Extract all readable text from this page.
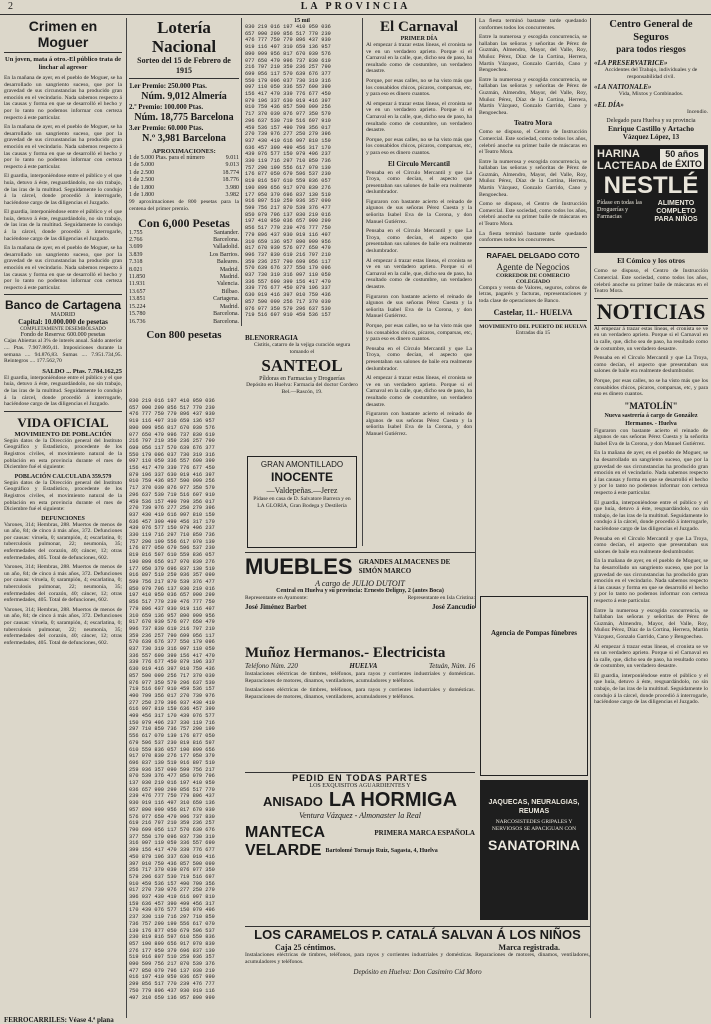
2	LA PROVINCIA
Crimen en Moguer
Un joven, mata á otro.-El público trata de linchar al agresor

En la mañana de ayer, en el pueblo de Moguer, se ha desarrollado un sangriento suceso, que por la gravedad de sus circunstancias ha producido gran emoción en el vecindario. Nada sabemos respecto á las causas y forma en que se desarrolló el hecho y por lo tanto no podemos informar con certeza respecto á este particular.

En la mañana de ayer, en el pueblo de Moguer, se ha desarrollado un sangriento suceso, que por la gravedad de sus circunstancias ha producido gran emoción en el vecindario. Nada sabemos respecto á las causas y forma en que se desarrolló el hecho y por lo tanto no podemos informar con certeza respecto á este particular.

El guardia, interponiéndose entre el público y el que huía, detuvo á éste, resguardándolo, no sin trabajo, de las iras de la multitud. Seguidamente lo condujo á la cárcel, donde procedió á interrogarle, haciéndose cargo de las diligencias el Juzgado.

El guardia, interponiéndose entre el público y el que huía, detuvo á éste, resguardándolo, no sin trabajo, de las iras de la multitud. Seguidamente lo condujo á la cárcel, donde procedió á interrogarle, haciéndose cargo de las diligencias el Juzgado.

En la mañana de ayer, en el pueblo de Moguer, se ha desarrollado un sangriento suceso, que por la gravedad de sus circunstancias ha producido gran emoción en el vecindario. Nada sabemos respecto á las causas y forma en que se desarrolló el hecho y por lo tanto no podemos informar con certeza respecto á este particular.

Banco de Cartagena
MADRID
Capital: 10.000.000 de pesetas
COMPLETAMENTE DESEMBOLSADO
Fondo de Reserva: 600.000 pesetas

Cajas Abiertas al 3% de interés anual. Saldo anterior .... Ptas. 7.907.869,41. Imposiciones durante la semana .... 94.876,83. Sumas .... 7.951.734,95. Reintegros .... 177.562,70

SALDO ... Ptas. 7.784.162,25

El guardia, interponiéndose entre el público y el que huía, detuvo á éste, resguardándolo, no sin trabajo, de las iras de la multitud. Seguidamente lo condujo á la cárcel, donde procedió á interrogarle, haciéndose cargo de las diligencias el Juzgado.

VIDA OFICIAL
MOVIMIENTO DE POBLACIÓN

Según datos de la Dirección general del Instituto Geográfico y Estadístico, procedente de los Registros civiles, el movimiento natural de la población en esta provincia durante el mes de Diciembre fué el siguiente:

POBLACIÓN CALCULADA 359.579

Según datos de la Dirección general del Instituto Geográfico y Estadístico, procedente de los Registros civiles, el movimiento natural de la población en esta provincia durante el mes de Diciembre fué el siguiente:

DEFUNCIONES

Varones, 314; Hembras, 288. Muertos de menos de un año, 84; de cinco á más años, 372. Defunciones por causas: viruela, 0; sarampión, 4; escarlatina, 0; tuberculosis pulmonar, 22; neumonía, 35; enfermedades del corazón, 40; cáncer, 12; otras enfermedades, 405. Total de defunciones, 602.

Varones, 314; Hembras, 288. Muertos de menos de un año, 84; de cinco á más años, 372. Defunciones por causas: viruela, 0; sarampión, 4; escarlatina, 0; tuberculosis pulmonar, 22; neumonía, 35; enfermedades del corazón, 40; cáncer, 12; otras enfermedades, 405. Total de defunciones, 602.

Varones, 314; Hembras, 288. Muertos de menos de un año, 84; de cinco á más años, 372. Defunciones por causas: viruela, 0; sarampión, 4; escarlatina, 0; tuberculosis pulmonar, 22; neumonía, 35; enfermedades del corazón, 40; cáncer, 12; otras enfermedades, 405. Total de defunciones, 602.

FERROCARRILES: Véase 4.ª plana
Lotería Nacional
Sorteo del 15 de Febrero de 1915
1.er Premio: 250.000 Ptas.
Núm. 9,012 Almería
2.º Premio: 100.000 Ptas.
Núm. 18,775 Barcelona
3.er Premio: 60.000 Ptas.
N.º 3,981 Barcelona
APROXIMACIONES:
1 de 5.000 Ptas. para el número	9.011
1 de 5.000	9.013
1 de 2.500	18.774
1 de 2.500	18.776
1 de 1.800	3.980
1 de 1.800	3.982

99 aproximaciones de 800 pesetas para la centena del primer premio.

Con 6,000 Pesetas
1.755	Santander.
2.766	Barcelona.
3.699	Valladolid.
3.839	Los Barrios.
7.318	Baleares.
8.021	Madrid.
11.850	Madrid.
11.931	Valencia.
13.657	Bilbao.
13.851	Cartagena.
15.224	Madrid.
15.780	Barcelona.
16.736	Barcelona.
Con 800 pesetas
030 219 016 197 410 959 036
657 990 299 856 517 770 239
476 777 750 779 896 437 930
919 116 497 310 659 136 957
890 999 956 817 670 939 576
077 650 479 996 737 830 619
216 797 210 359 236 257 790
699 056 117 570 639 676 377
550 179 096 037 730 319 316
097 110 059 336 557 690 399
156 417 470 339 776 677 450
879 196 337 630 019 416 397
010 759 436 857 590 099 256
717 370 039 876 977 350 579
296 637 530 719 516 697 910
459 536 157 490 799 356 017
270 739 976 277 250 279 396
937 430 419 616 997 810 159
636 457 390 499 456 317 170
439 076 577 150 979 496 237
330 119 716 297 710 859 736
757 290 199 556 617 070 139
176 877 050 679 596 537 230
819 816 597 610 559 836 057
190 899 656 917 970 839 276
177 950 379 696 837 130 519
916 897 510 259 936 357 090
599 756 217 870 539 376 477
850 079 796 137 030 219 016
197 410 959 036 657 990 299
856 517 770 239 476 777 750
779 896 437 930 919 116 497
310 659 136 957 890 999 956
817 670 939 576 077 650 479
996 737 830 619 216 797 210
359 236 257 790 699 056 117
570 639 676 377 550 179 096
037 730 319 316 097 110 059
336 557 690 399 156 417 470
339 776 677 450 879 196 337
630 019 416 397 010 759 436
857 590 099 256 717 370 039
876 977 350 579 296 637 530
719 516 697 910 459 536 157
490 799 356 017 270 739 976
277 250 279 396 937 430 419
616 997 810 159 636 457 390
499 456 317 170 439 076 577
150 979 496 237 330 119 716
297 710 859 736 757 290 199
556 617 070 139 176 877 050
679 596 537 230 819 816 597
610 559 836 057 190 899 656
917 970 839 276 177 950 379
696 837 130 519 916 897 510
259 936 357 090 599 756 217
870 539 376 477 850 079 796
137 030 219 016 197 410 959
036 657 990 299 856 517 770
239 476 777 750 779 896 437
930 919 116 497 310 659 136
957 890 999 956 817 670 939
576 077 650 479 996 737 830
619 216 797 210 359 236 257
790 699 056 117 570 639 676
377 550 179 096 037 730 319
316 097 110 059 336 557 690
399 156 417 470 339 776 677
450 879 196 337 630 019 416
397 010 759 436 857 590 099
256 717 370 039 876 977 350
579 296 637 530 719 516 697
910 459 536 157 490 799 356
017 270 739 976 277 250 279
396 937 430 419 616 997 810
159 636 457 390 499 456 317
170 439 076 577 150 979 496
237 330 119 716 297 710 859
736 757 290 199 556 617 070
139 176 877 050 679 596 537
230 819 816 597 610 559 836
057 190 899 656 917 970 839
276 177 950 379 696 837 130
519 916 897 510 259 936 357
090 599 756 217 870 539 376
477 850 079 796 137 030 219
016 197 410 959 036 657 990
299 856 517 770 239 476 777
750 779 896 437 930 919 116
497 310 659 136 957 890 999

15 mil
030 219 016 197 410 959 036
657 990 299 856 517 770 239
476 777 750 779 896 437 930
919 116 497 310 659 136 957
890 999 956 817 670 939 576
077 650 479 996 737 830 619
216 797 210 359 236 257 790
699 056 117 570 639 676 377
550 179 096 037 730 319 316
097 110 059 336 557 690 399
156 417 470 339 776 677 450
879 196 337 630 019 416 397
010 759 436 857 590 099 256
717 370 039 876 977 350 579
296 637 530 719 516 697 910
459 536 157 490 799 356 017
270 739 976 277 250 279 396
937 430 419 616 997 810 159
636 457 390 499 456 317 170
439 076 577 150 979 496 237
330 119 716 297 710 859 736
757 290 199 556 617 070 139
176 877 050 679 596 537 230
819 816 597 610 559 836 057
190 899 656 917 970 839 276
177 950 379 696 837 130 519
916 897 510 259 936 357 090
599 756 217 870 539 376 477
850 079 796 137 030 219 016
197 410 959 036 657 990 299
856 517 770 239 476 777 750
779 896 437 930 919 116 497
310 659 136 957 890 999 956
817 670 939 576 077 650 479
996 737 830 619 216 797 210
359 236 257 790 699 056 117
570 639 676 377 550 179 096
037 730 319 316 097 110 059
336 557 690 399 156 417 470
339 776 677 450 879 196 337
630 019 416 397 010 759 436
857 590 099 256 717 370 039
876 977 350 579 296 637 530
719 516 697 910 459 536 157

BLENORRAGIA
Cistitis, catarro de la vejiga curación segura tomando el
SANTEOL
Píldoras en Farmacias y Droguerías

Depósito en Huelva: Farmacia del doctor Cordero Bel.—Rascón, 19.

GRAN AMONTILLADO
INOCENTE
—Valdepeñas.—Jerez

Pídase en casa de D. Salvatore Barrera y en LA GLORIA, Gran Bodega y Destilería

El Carnaval
PRIMER DÍA

Al empezar á trazar estas líneas, el cronista se ve en un verdadero aprieto. Porque si el Carnaval en la calle, que, dicho sea de paso, ha resultado como de costumbre, un verdadero desastre.

Porque, por esas calles, no se ha visto más que los consabidos chicos, pícaros, comparsas, etc, y para eso es dinero cuantos.

Al empezar á trazar estas líneas, el cronista se ve en un verdadero aprieto. Porque si el Carnaval en la calle, que, dicho sea de paso, ha resultado como de costumbre, un verdadero desastre.

Porque, por esas calles, no se ha visto más que los consabidos chicos, pícaros, comparsas, etc, y para eso es dinero cuantos.

El Círculo Mercantil

Pensaba en el Círculo Mercantil y que La Troya, como decían, el aspecto que presentaban sus salones de baile era realmente deslumbrador.

Figuraron con bastante acierto el reinado de algunos de sus señoras Pérez Cuesta y la señorita Isabel Eva de la Corona, y don Manuel Gutiérrez.

Pensaba en el Círculo Mercantil y que La Troya, como decían, el aspecto que presentaban sus salones de baile era realmente deslumbrador.

Al empezar á trazar estas líneas, el cronista se ve en un verdadero aprieto. Porque si el Carnaval en la calle, que, dicho sea de paso, ha resultado como de costumbre, un verdadero desastre.

Figuraron con bastante acierto el reinado de algunos de sus señoras Pérez Cuesta y la señorita Isabel Eva de la Corona, y don Manuel Gutiérrez.

Porque, por esas calles, no se ha visto más que los consabidos chicos, pícaros, comparsas, etc, y para eso es dinero cuantos.

Pensaba en el Círculo Mercantil y que La Troya, como decían, el aspecto que presentaban sus salones de baile era realmente deslumbrador.

Al empezar á trazar estas líneas, el cronista se ve en un verdadero aprieto. Porque si el Carnaval en la calle, que, dicho sea de paso, ha resultado como de costumbre, un verdadero desastre.

Figuraron con bastante acierto el reinado de algunos de sus señoras Pérez Cuesta y la señorita Isabel Eva de la Corona, y don Manuel Gutiérrez.

La fiesta terminó bastante tarde quedando conformes todos los concurrentes.

Entre la numerosa y escogida concurrencia, se hallaban las señoras y señoritas de Pérez de Guzmán, Almendro, Mayor, del Valle, Roy, Muñoz Pérez, Díaz de la Cortina, Herrera, Martín Vázquez, Gonzalo Garrido, Cano y Bengoechea.

Entre la numerosa y escogida concurrencia, se hallaban las señoras y señoritas de Pérez de Guzmán, Almendro, Mayor, del Valle, Roy, Muñoz Pérez, Díaz de la Cortina, Herrera, Martín Vázquez, Gonzalo Garrido, Cano y Bengoechea.

Teatro Mora

Como se dispuso, el Centro de Instrucción Comercial. Este sociedad, como todos los años, celebró anoche su primer baile de máscaras en el Teatro Mora.

Entre la numerosa y escogida concurrencia, se hallaban las señoras y señoritas de Pérez de Guzmán, Almendro, Mayor, del Valle, Roy, Muñoz Pérez, Díaz de la Cortina, Herrera, Martín Vázquez, Gonzalo Garrido, Cano y Bengoechea.

Como se dispuso, el Centro de Instrucción Comercial. Este sociedad, como todos los años, celebró anoche su primer baile de máscaras en el Teatro Mora.

La fiesta terminó bastante tarde quedando conformes todos los concurrentes.

RAFAEL DELGADO COTO
Agente de Negocios
CORREDOR DE COMERCIO COLEGIADO

Compra y venta de Valores, seguros, cobros de letras, pagarés y facturas, representaciones y toda clase de operaciones de Banco.

Castelar, 11.- HUELVA
MOVIMIENTO DEL PUERTO DE HUELVA
Entradas día 15
Centro General de Seguros
para todos riesgos
«LA PRESERVATRICE»

Accidentes del Trabajo, individuales y de responsabilidad civil.

«LA NATIONALE»

Vida, Mixtos y Combinados.

«EL DÍA»

Incendio.

Delegado para Huelva y su provincia
Enrique Castillo y Artacho
Vázquez López, 13
HARINA LACTEADA
50 años de ÉXITO
NESTLÉ
Pídase en todas las Droguerías y Farmacias
ALIMENTO COMPLETO PARA NIÑOS
El Cómico y los otros

Como se dispuso, el Centro de Instrucción Comercial. Este sociedad, como todos los años, celebró anoche su primer baile de máscaras en el Teatro Mora.

NOTICIAS

Al empezar á trazar estas líneas, el cronista se ve en un verdadero aprieto. Porque si el Carnaval en la calle, que, dicho sea de paso, ha resultado como de costumbre, un verdadero desastre.

Pensaba en el Círculo Mercantil y que La Troya, como decían, el aspecto que presentaban sus salones de baile era realmente deslumbrador.

Porque, por esas calles, no se ha visto más que los consabidos chicos, pícaros, comparsas, etc, y para eso es dinero cuantos.

"MATOLÍN"
Nueva sastrería á cargo de González Hermanos. - Huelva

Figuraron con bastante acierto el reinado de algunos de sus señoras Pérez Cuesta y la señorita Isabel Eva de la Corona, y don Manuel Gutiérrez.

En la mañana de ayer, en el pueblo de Moguer, se ha desarrollado un sangriento suceso, que por la gravedad de sus circunstancias ha producido gran emoción en el vecindario. Nada sabemos respecto á las causas y forma en que se desarrolló el hecho y por lo tanto no podemos informar con certeza respecto á este particular.

El guardia, interponiéndose entre el público y el que huía, detuvo á éste, resguardándolo, no sin trabajo, de las iras de la multitud. Seguidamente lo condujo á la cárcel, donde procedió á interrogarle, haciéndose cargo de las diligencias el Juzgado.

Pensaba en el Círculo Mercantil y que La Troya, como decían, el aspecto que presentaban sus salones de baile era realmente deslumbrador.

En la mañana de ayer, en el pueblo de Moguer, se ha desarrollado un sangriento suceso, que por la gravedad de sus circunstancias ha producido gran emoción en el vecindario. Nada sabemos respecto á las causas y forma en que se desarrolló el hecho y por lo tanto no podemos informar con certeza respecto á este particular.

Entre la numerosa y escogida concurrencia, se hallaban las señoras y señoritas de Pérez de Guzmán, Almendro, Mayor, del Valle, Roy, Muñoz Pérez, Díaz de la Cortina, Herrera, Martín Vázquez, Gonzalo Garrido, Cano y Bengoechea.

Al empezar á trazar estas líneas, el cronista se ve en un verdadero aprieto. Porque si el Carnaval en la calle, que, dicho sea de paso, ha resultado como de costumbre, un verdadero desastre.

El guardia, interponiéndose entre el público y el que huía, detuvo á éste, resguardándolo, no sin trabajo, de las iras de la multitud. Seguidamente lo condujo á la cárcel, donde procedió á interrogarle, haciéndose cargo de las diligencias el Juzgado.

MUEBLES GRANDES ALMACENES DE SIMÓN MARCO
A cargo de JULIO DUTOIT
Central en Huelva y su provincia: Ernesto Deligny, 2 (antes Boca)
Representante en Ayamonte:	Representante en Isla Cristina:
José Jiménez Barbet	José Zancudío
Muñoz Hermanos.- Electricista
Teléfono Núm. 220	HUELVA	Tetuán, Núm. 16

Instalaciones eléctricas de timbres, teléfonos, para rayos y corrientes industriales y domésticas. Reparaciones de motores, dinamos, ventiladores, acumuladores y teléfonos.

Instalaciones eléctricas de timbres, teléfonos, para rayos y corrientes industriales y domésticas. Reparaciones de motores, dinamos, ventiladores, acumuladores y teléfonos.

PEDID EN TODAS PARTES
LOS EXQUISITOS AGUARDIENTES Y
ANISADO LA HORMIGA
Ventura Vázquez - Almonaster la Real
MANTECA	PRIMERA MARCA ESPAÑOLA
VELARDE Bartolomé Tornajo Ruiz, Sagasta, 4, Huelva
Agencia de Pompas fúnebres
JAQUECAS, NEURALGIAS, REUMAS
NARCOSISTEDES GRIPALES Y NERVIOSOS SE APACIGUAN CON
SANATORINA
LOS CARAMELOS P. CATALÁ SALVAN Á LOS NIÑOS
Caja 25 céntimos.	Marca registrada.

Instalaciones eléctricas de timbres, teléfonos, para rayos y corrientes industriales y domésticas. Reparaciones de motores, dinamos, ventiladores, acumuladores y teléfonos.

Depósito en Huelva: Don Casimiro Cid Moro
